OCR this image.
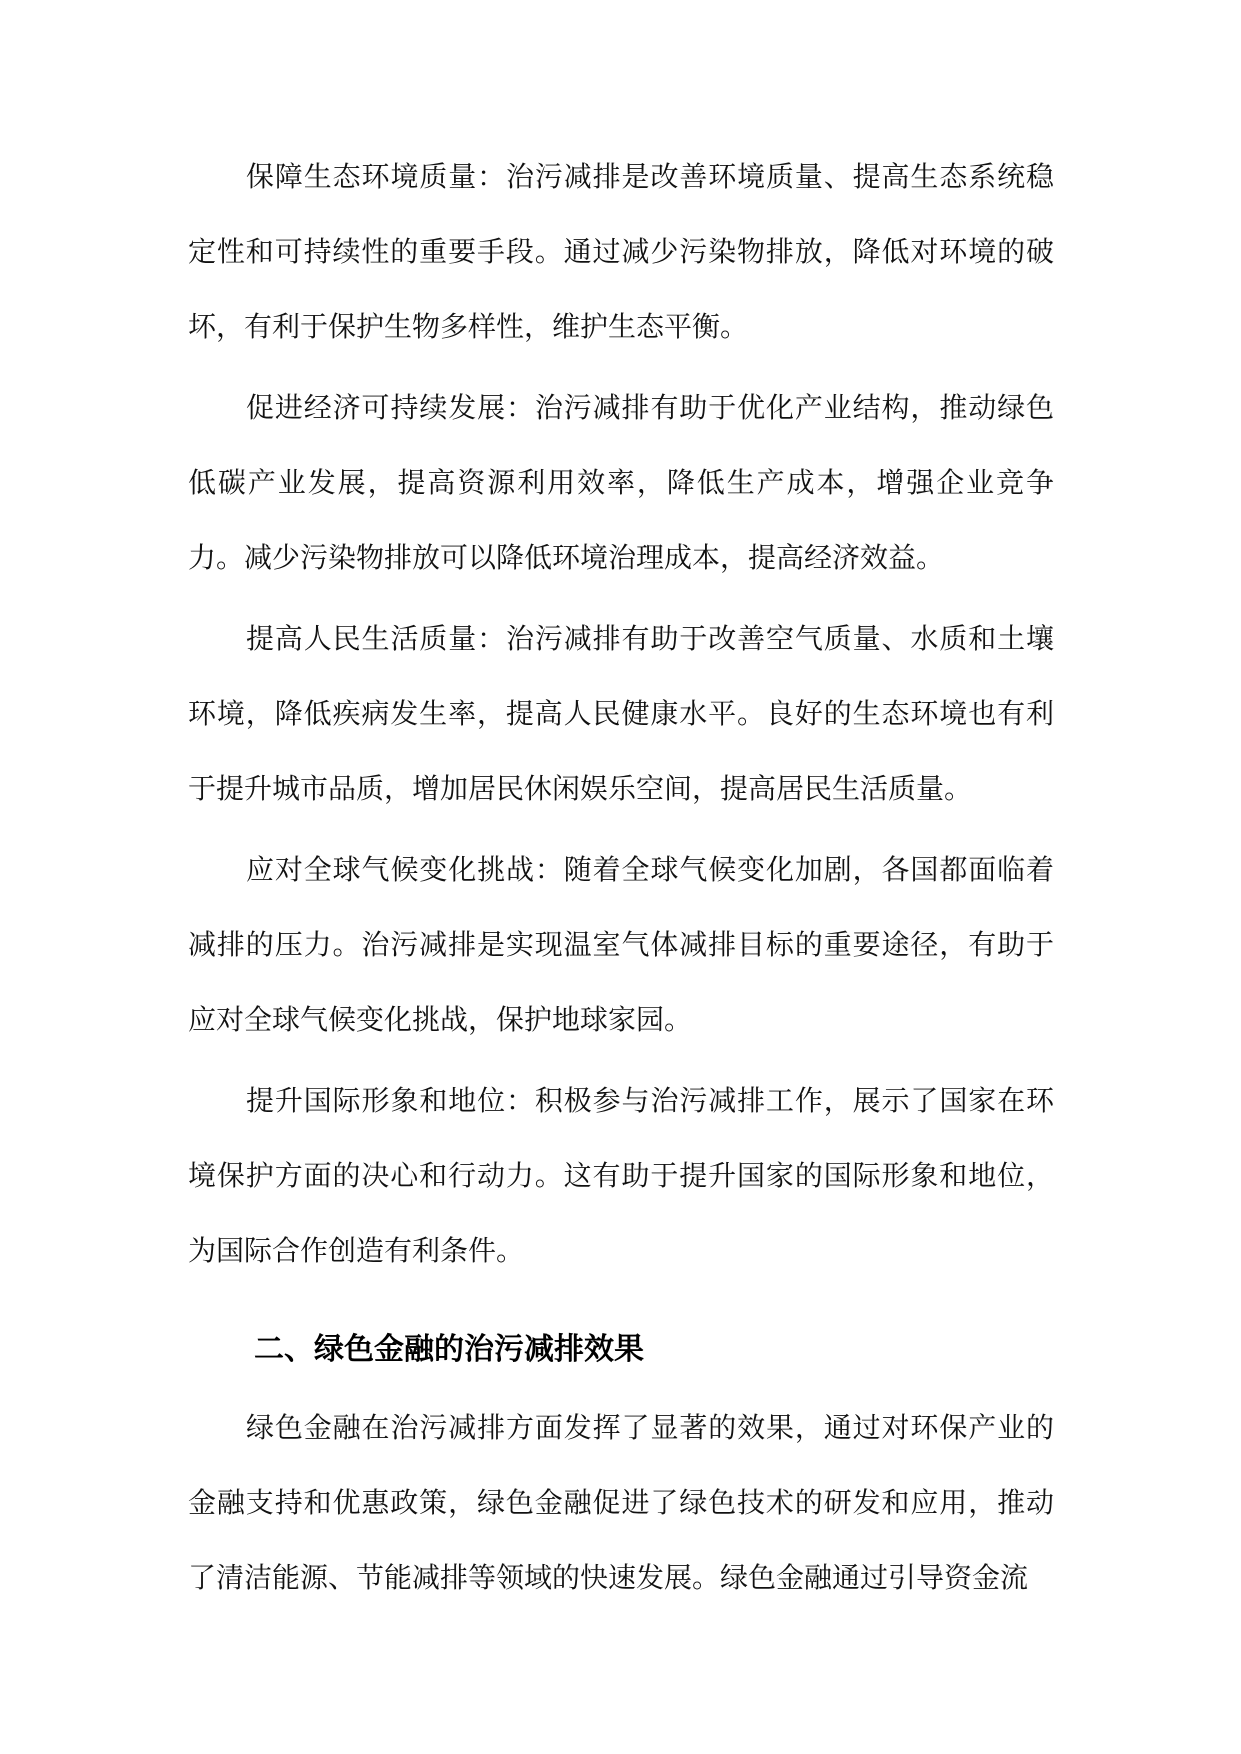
保障生态环境质量：治污减排是改善环境质量、提高生态系统稳定性和可持续性的重要手段。通过减少污染物排放，降低对环境的破坏，有利于保护生物多样性，维护生态平衡。

促进经济可持续发展：治污减排有助于优化产业结构，推动绿色低碳产业发展，提高资源利用效率，降低生产成本，增强企业竞争力。减少污染物排放可以降低环境治理成本，提高经济效益。

提高人民生活质量：治污减排有助于改善空气质量、水质和土壤环境，降低疾病发生率，提高人民健康水平。良好的生态环境也有利于提升城市品质，增加居民休闲娱乐空间，提高居民生活质量。

应对全球气候变化挑战：随着全球气候变化加剧，各国都面临着减排的压力。治污减排是实现温室气体减排目标的重要途径，有助于应对全球气候变化挑战，保护地球家园。

提升国际形象和地位：积极参与治污减排工作，展示了国家在环境保护方面的决心和行动力。这有助于提升国家的国际形象和地位，为国际合作创造有利条件。

二、绿色金融的治污减排效果

绿色金融在治污减排方面发挥了显著的效果，通过对环保产业的金融支持和优惠政策，绿色金融促进了绿色技术的研发和应用，推动了清洁能源、节能减排等领域的快速发展。绿色金融通过引导资金流
